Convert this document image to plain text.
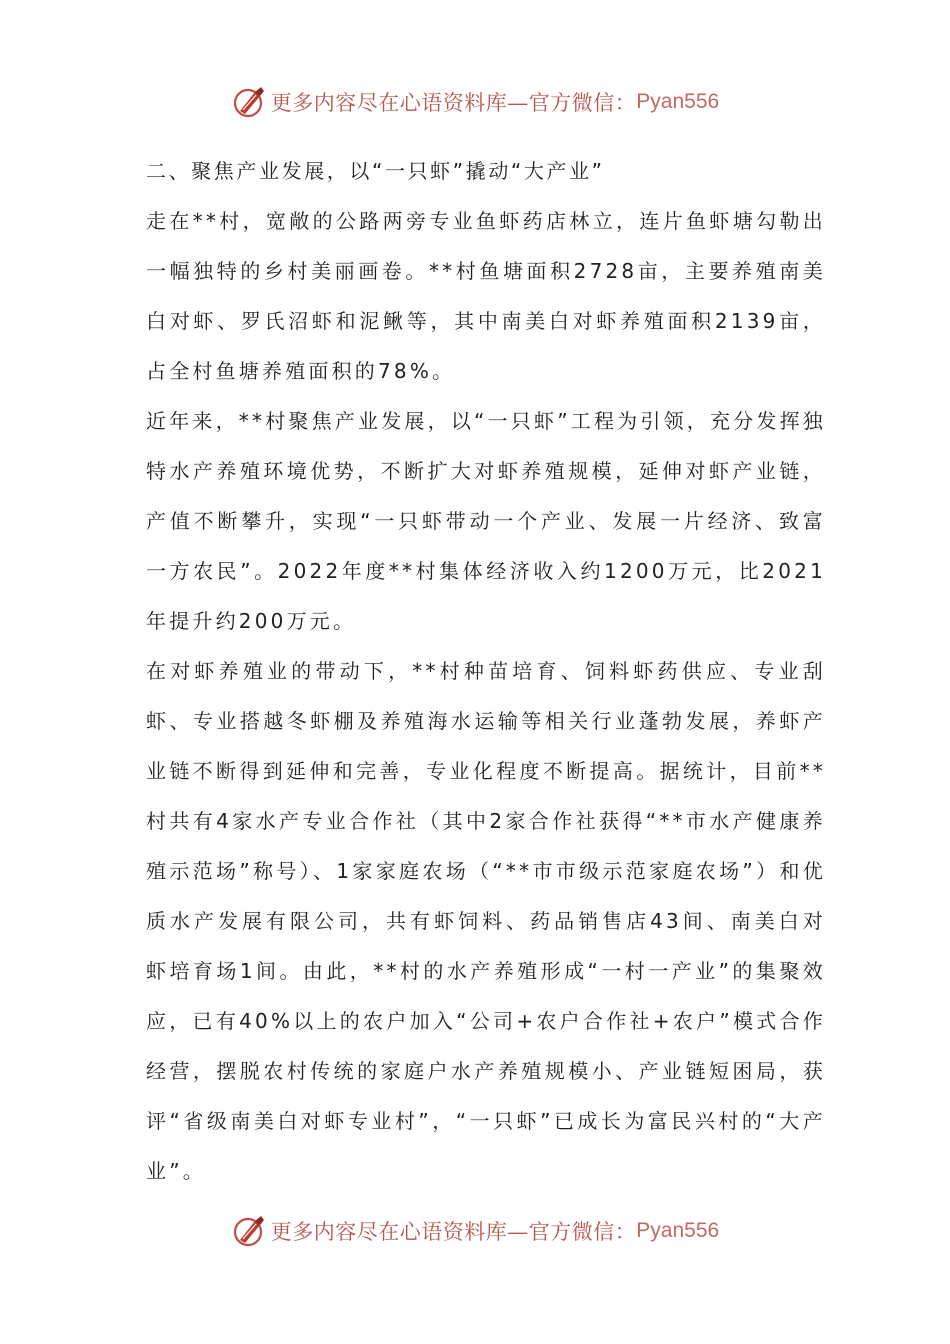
更多内容尽在心语资料库—官方微信： Pyan556
二、聚焦产业发展，以“一只虾”撬动“大产业”

走在**村，宽敞的公路两旁专业鱼虾药店林立，连片鱼虾塘勾勒出一幅独特的乡村美丽画卷。**村鱼塘面积2728亩，主要养殖南美白对虾、罗氏沼虾和泥鳅等，其中南美白对虾养殖面积2139亩，占全村鱼塘养殖面积的78%。

近年来，**村聚焦产业发展，以“一只虾”工程为引领，充分发挥独特水产养殖环境优势，不断扩大对虾养殖规模，延伸对虾产业链，产值不断攀升，实现“一只虾带动一个产业、发展一片经济、致富一方农民”。2022年度**村集体经济收入约1200万元，比2021年提升约200万元。

在对虾养殖业的带动下，**村种苗培育、饲料虾药供应、专业刮虾、专业搭越冬虾棚及养殖海水运输等相关行业蓬勃发展，养虾产业链不断得到延伸和完善，专业化程度不断提高。据统计，目前**村共有4家水产专业合作社（其中2家合作社获得“**市水产健康养殖示范场”称号）、1家家庭农场（“**市市级示范家庭农场”）和优质水产发展有限公司，共有虾饲料、药品销售店43间、南美白对虾培育场1间。由此，**村的水产养殖形成“一村一产业”的集聚效应，已有40%以上的农户加入“公司+农户合作社+农户”模式合作经营，摆脱农村传统的家庭户水产养殖规模小、产业链短困局，获评“省级南美白对虾专业村”，“一只虾”已成长为富民兴村的“大产业”。

更多内容尽在心语资料库—官方微信： Pyan556
